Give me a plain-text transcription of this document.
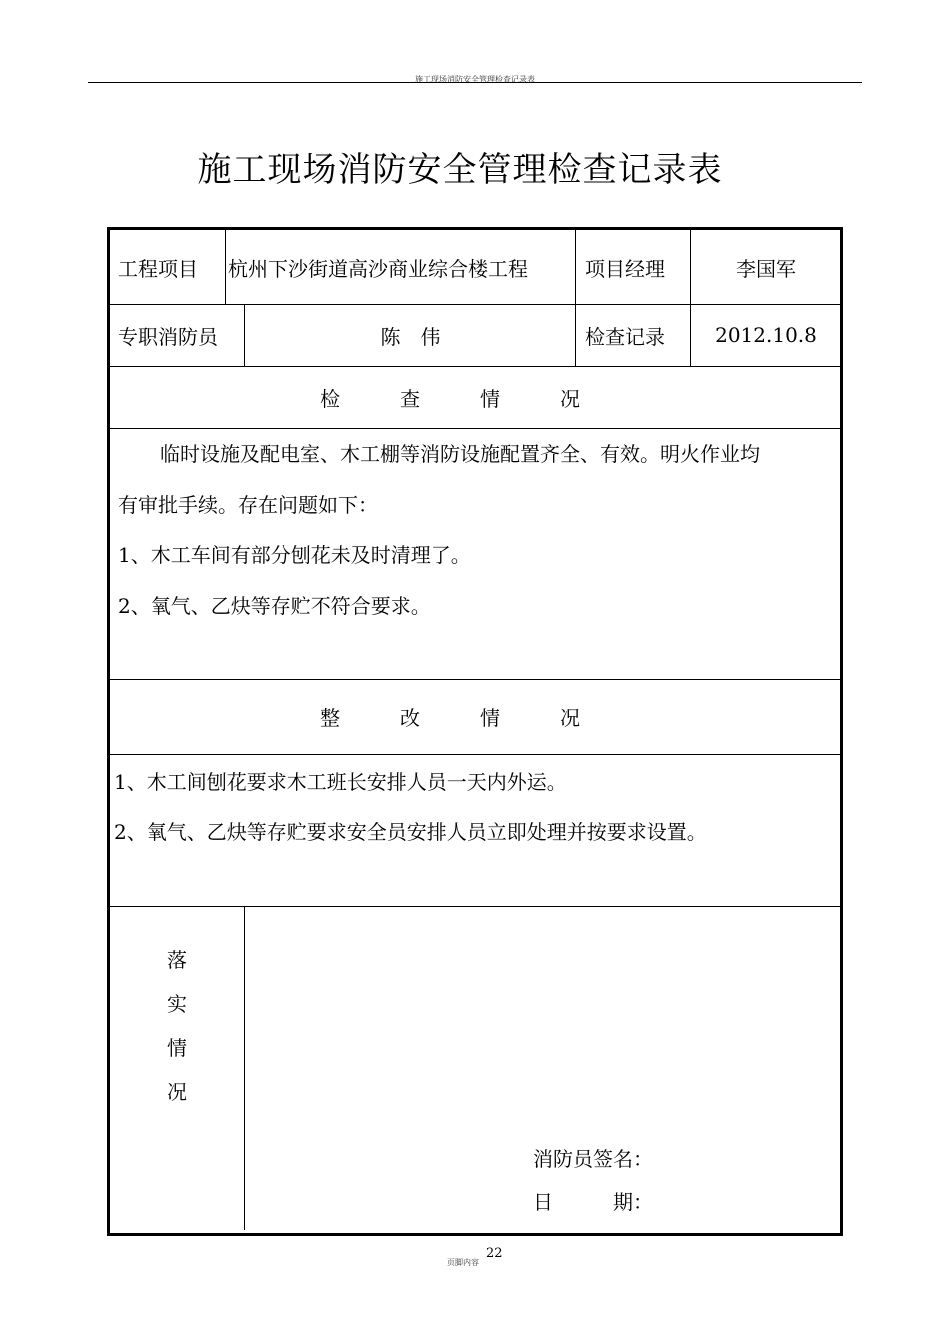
施工现场消防安全管理检查记录表
施工现场消防安全管理检查记录表
工程项目 杭州下沙街道高沙商业综合楼工程	项目经理	李国军
专职消防员	陈　伟	检查记录	2012.10.8
检　　　查　　　情　　　况
临时设施及配电室、木工棚等消防设施配置齐全、有效。明火作业均
有审批手续。存在问题如下：
1、木工车间有部分刨花未及时清理了。
2、氧气、乙炔等存贮不符合要求。
整　　　改　　　情　　　况
1、木工间刨花要求木工班长安排人员一天内外运。
2、氧气、乙炔等存贮要求安全员安排人员立即处理并按要求设置。
落
实
情
况
消防员签名：
日　　　期：
页脚内容
22
